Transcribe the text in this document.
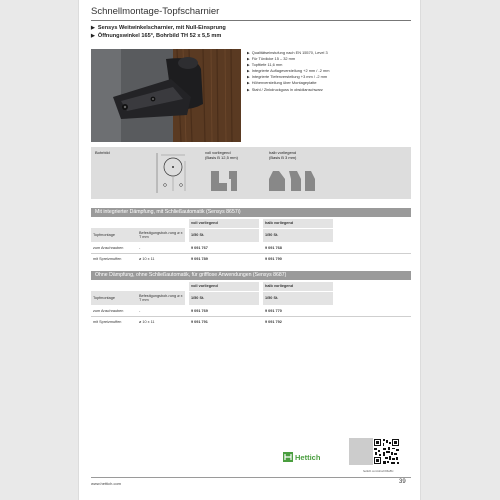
Schnellmontage-Topfscharnier
▶ Sensys Weitwinkelscharnier, mit Null-Einsprung
▶ Öffnungswinkel 165°, Bohrbild TH 52 x 5,5 mm
▶ Qualitätseinstufung nach EN 15570, Level 3
▶ Für Türdicke 15 – 32 mm
▶ Topftiefe 11,6 mm
▶ Integrierte Auflageverstellung +2 mm / -2 mm
▶ Integrierte Tiefenverstellung +3 mm / -2 mm
▶ Höhenverstellung über Montageplatte
▶ Stahl / Zinkdruckguss in obsidianschwarz
Bohrbild	voll vorliegend
(Basis B 12,5 mm)
halb vorliegend
(Basis B 3 mm)
Mit integrierter Dämpfung, mit Schließautomatik (Sensys 8657i)
			voll vorliegend		halb vorliegend	
Topfmontage	Befestigungsboh-rung ø x T mm		1/50 St.		1/50 St.	
zum Anschrauben	-		9 091 767		9 091 768	
mit Spreizmuffen	ø 10 x 11		9 091 789		9 091 790	
Ohne Dämpfung, ohne Schließautomatik, für grifflose Anwendungen (Sensys 8687)
			voll vorliegend		halb vorliegend	
Topfmontage	Befestigungsboh-rung ø x T mm		1/50 St.		1/50 St.	
zum Anschrauben	-		9 091 769		9 091 770	
mit Spreizmuffen	ø 10 x 11		9 091 791		9 091 792	
Hettich
hettich.com/short/b5a5fc
www.hettich.com	39
